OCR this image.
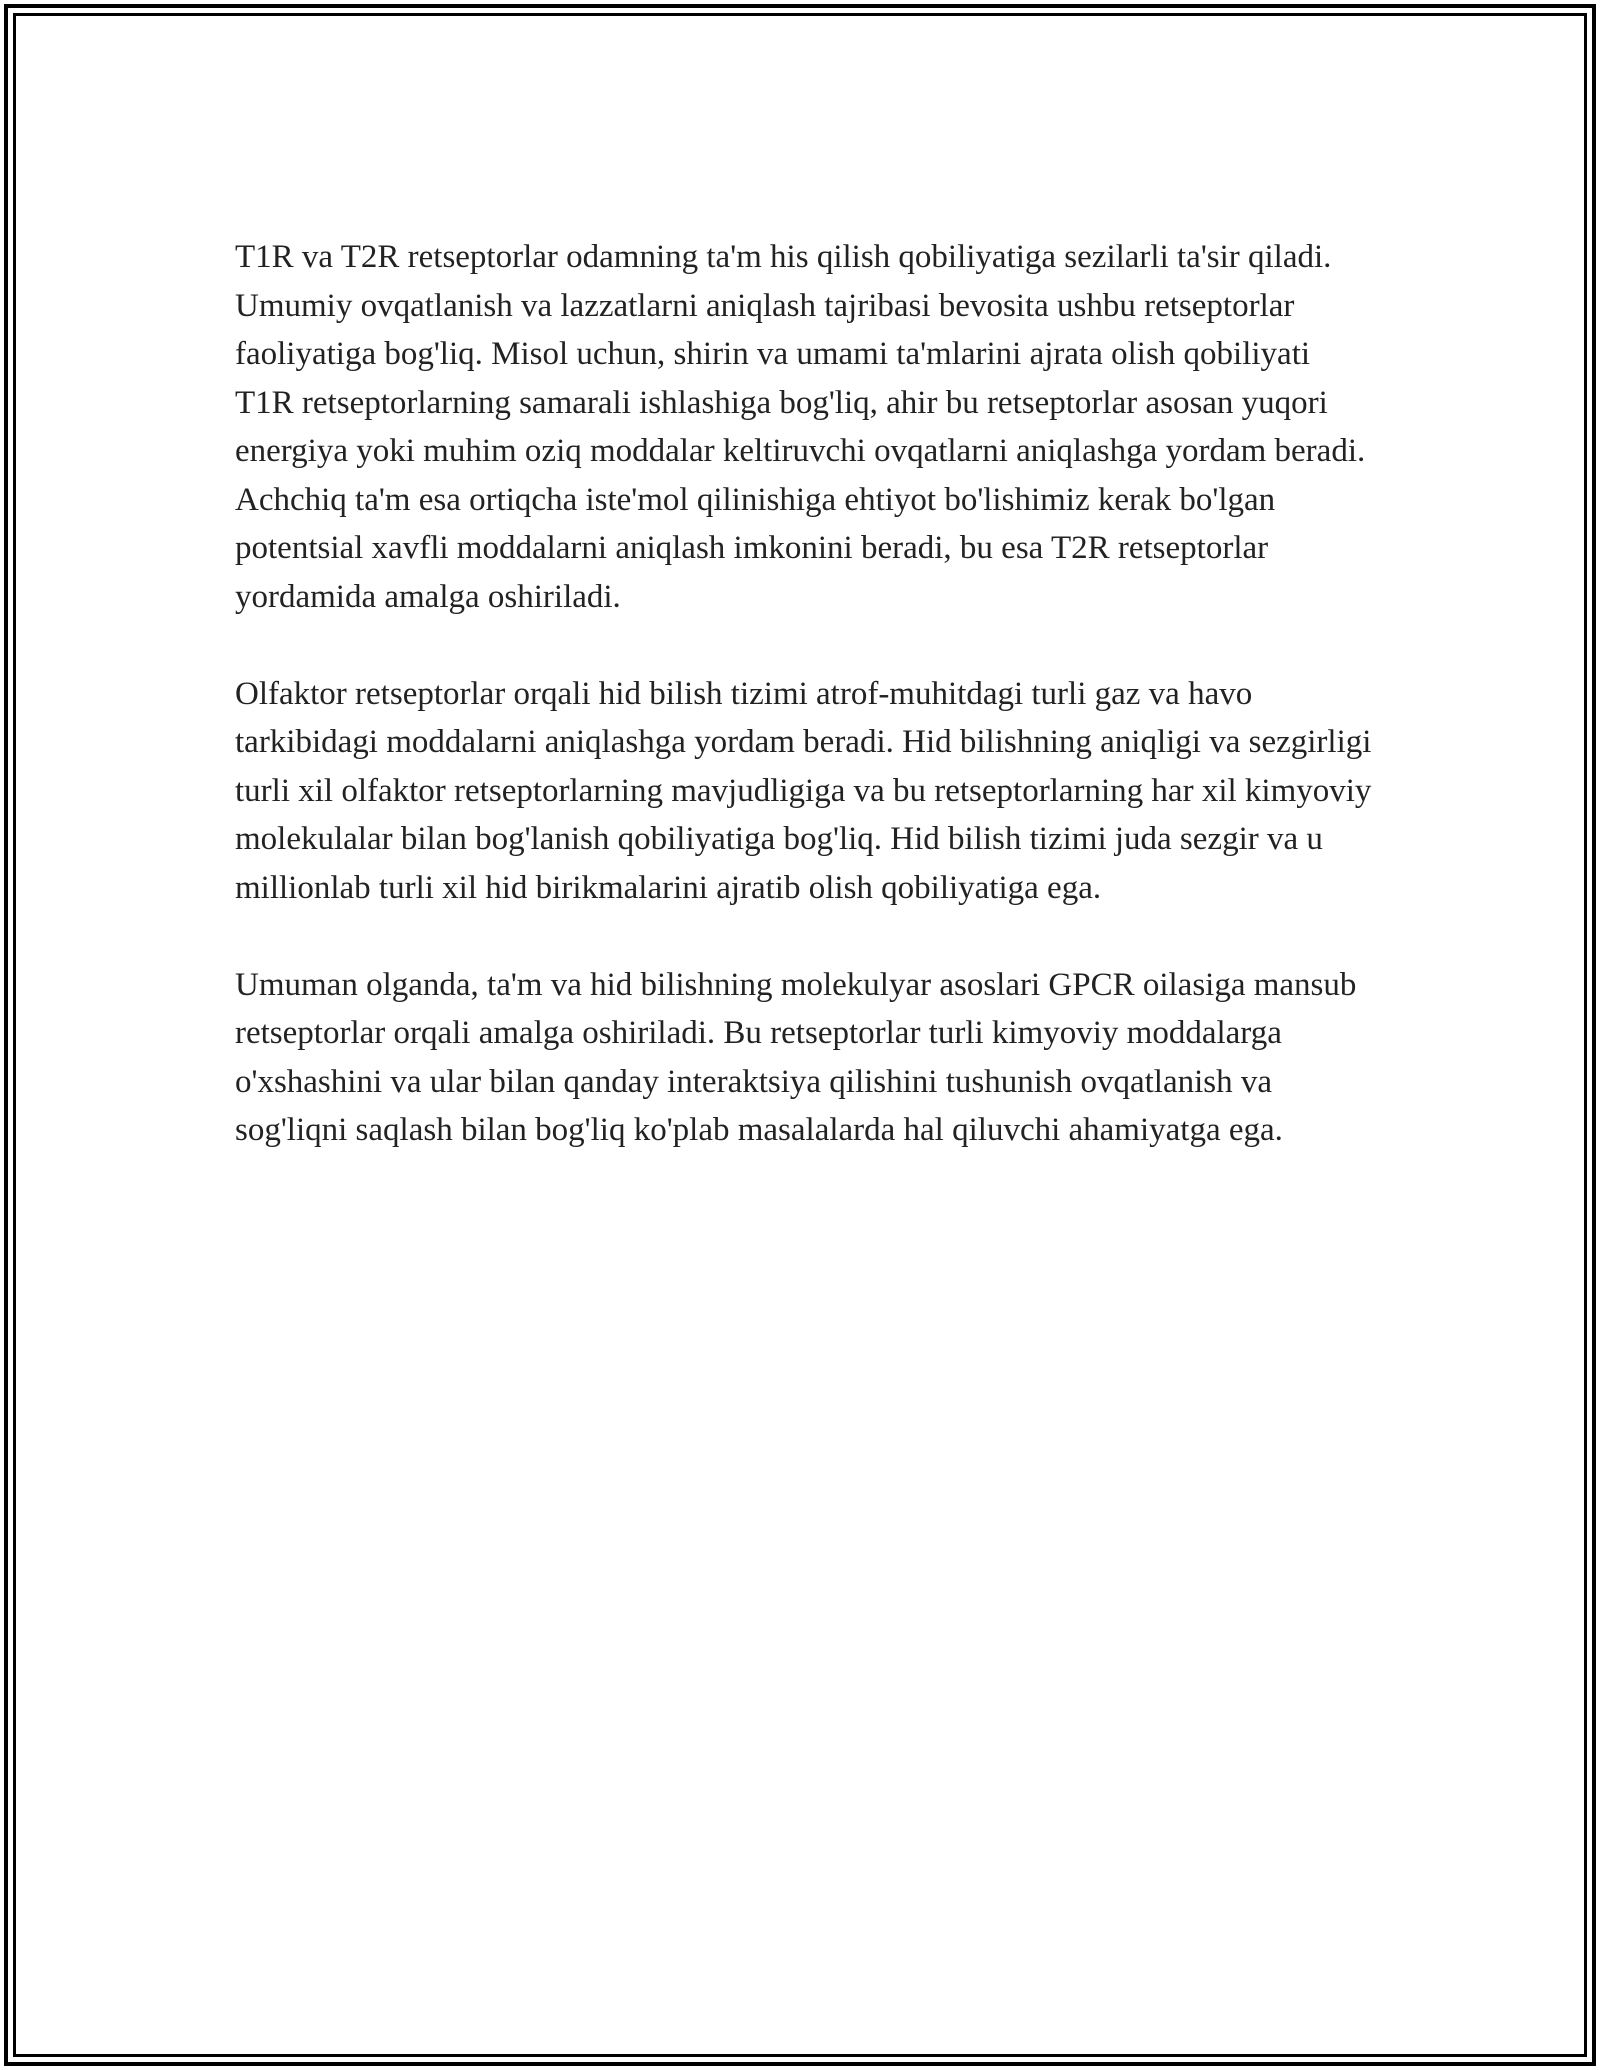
T1R va T2R retseptorlar odamning ta'm his qilish qobiliyatiga sezilarli ta'sir qiladi. Umumiy ovqatlanish va lazzatlarni aniqlash tajribasi bevosita ushbu retseptorlar faoliyatiga bog'liq. Misol uchun, shirin va umami ta'mlarini ajrata olish qobiliyati T1R retseptorlarning samarali ishlashiga bog'liq, ahir bu retseptorlar asosan yuqori energiya yoki muhim oziq moddalar keltiruvchi ovqatlarni aniqlashga yordam beradi. Achchiq ta'm esa ortiqcha iste'mol qilinishiga ehtiyot bo'lishimiz kerak bo'lgan potentsial xavfli moddalarni aniqlash imkonini beradi, bu esa T2R retseptorlar yordamida amalga oshiriladi.

Olfaktor retseptorlar orqali hid bilish tizimi atrof-muhitdagi turli gaz va havo tarkibidagi moddalarni aniqlashga yordam beradi. Hid bilishning aniqligi va sezgirligi turli xil olfaktor retseptorlarning mavjudligiga va bu retseptorlarning har xil kimyoviy molekulalar bilan bog'lanish qobiliyatiga bog'liq. Hid bilish tizimi juda sezgir va u millionlab turli xil hid birikmalarini ajratib olish qobiliyatiga ega.

Umuman olganda, ta'm va hid bilishning molekulyar asoslari GPCR oilasiga mansub retseptorlar orqali amalga oshiriladi. Bu retseptorlar turli kimyoviy moddalarga o'xshashini va ular bilan qanday interaktsiya qilishini tushunish ovqatlanish va sog'liqni saqlash bilan bog'liq ko'plab masalalarda hal qiluvchi ahamiyatga ega.
